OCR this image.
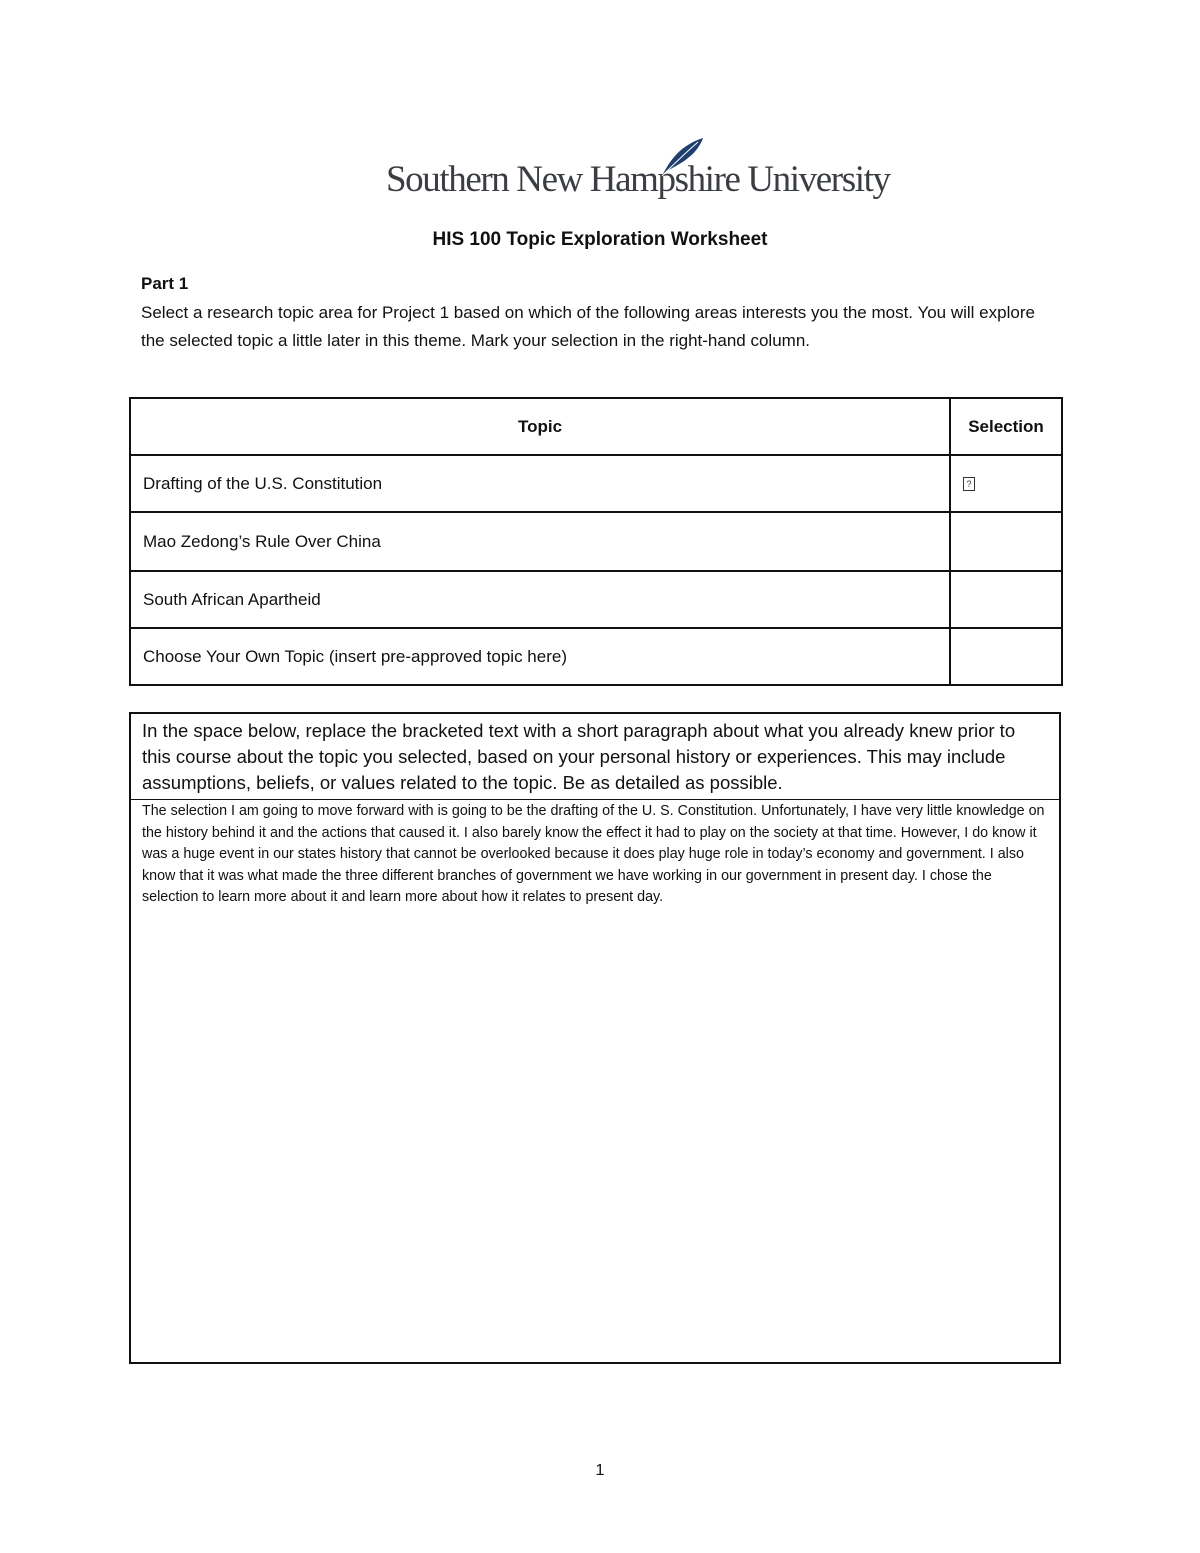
Southern New Hampshire University
HIS 100 Topic Exploration Worksheet
Part 1
Select a research topic area for Project 1 based on which of the following areas interests you the most. You will explore the selected topic a little later in this theme. Mark your selection in the right-hand column.
Topic	Selection
Drafting of the U.S. Constitution	?
Mao Zedong’s Rule Over China	
South African Apartheid	
Choose Your Own Topic (insert pre-approved topic here)	
In the space below, replace the bracketed text with a short paragraph about what you already knew prior to this course about the topic you selected, based on your personal history or experiences. This may include assumptions, beliefs, or values related to the topic. Be as detailed as possible.
The selection I am going to move forward with is going to be the drafting of the U. S. Constitution. Unfortunately, I have very little knowledge on the history behind it and the actions that caused it. I also barely know the effect it had to play on the society at that time. However, I do know it was a huge event in our states history that cannot be overlooked because it does play huge role in today’s economy and government. I also know that it was what made the three different branches of government we have working in our government in present day. I chose the selection to learn more about it and learn more about how it relates to present day.
1
